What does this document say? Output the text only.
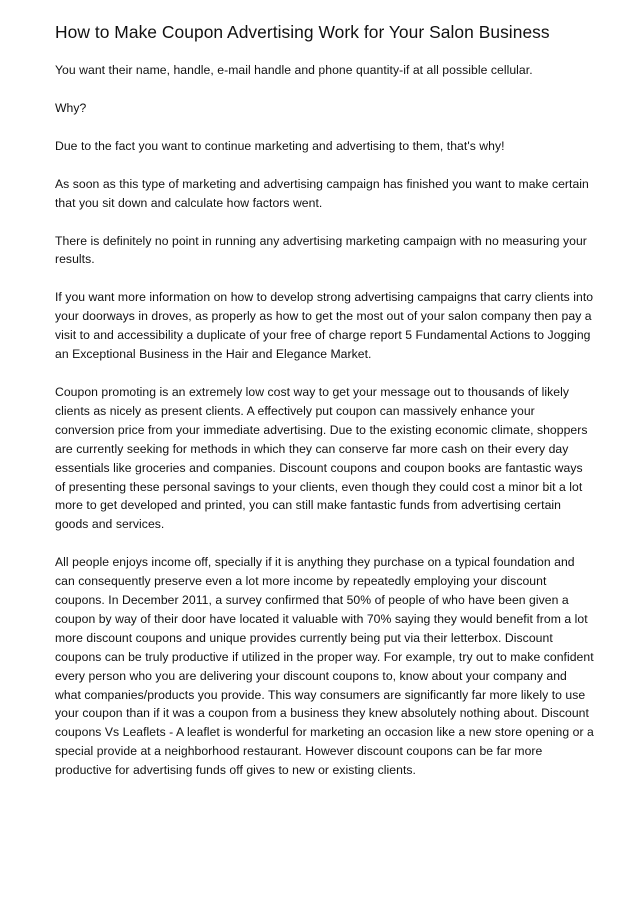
How to Make Coupon Advertising Work for Your Salon Business

You want their name, handle, e-mail handle and phone quantity-if at all possible cellular.

Why?

Due to the fact you want to continue marketing and advertising to them, that's why!

As soon as this type of marketing and advertising campaign has finished you want to make certain that you sit down and calculate how factors went.

There is definitely no point in running any advertising marketing campaign with no measuring your results.

If you want more information on how to develop strong advertising campaigns that carry clients into your doorways in droves, as properly as how to get the most out of your salon company then pay a visit to and accessibility a duplicate of your free of charge report 5 Fundamental Actions to Jogging an Exceptional Business in the Hair and Elegance Market.

Coupon promoting is an extremely low cost way to get your message out to thousands of likely clients as nicely as present clients. A effectively put coupon can massively enhance your conversion price from your immediate advertising. Due to the existing economic climate, shoppers are currently seeking for methods in which they can conserve far more cash on their every day essentials like groceries and companies. Discount coupons and coupon books are fantastic ways of presenting these personal savings to your clients, even though they could cost a minor bit a lot more to get developed and printed, you can still make fantastic funds from advertising certain goods and services.

All people enjoys income off, specially if it is anything they purchase on a typical foundation and can consequently preserve even a lot more income by repeatedly employing your discount coupons. In December 2011, a survey confirmed that 50% of people of who have been given a coupon by way of their door have located it valuable with 70% saying they would benefit from a lot more discount coupons and unique provides currently being put via their letterbox. Discount coupons can be truly productive if utilized in the proper way. For example, try out to make confident every person who you are delivering your discount coupons to, know about your company and what companies/products you provide. This way consumers are significantly far more likely to use your coupon than if it was a coupon from a business they knew absolutely nothing about. Discount coupons Vs Leaflets - A leaflet is wonderful for marketing an occasion like a new store opening or a special provide at a neighborhood restaurant. However discount coupons can be far more productive for advertising funds off gives to new or existing clients.
